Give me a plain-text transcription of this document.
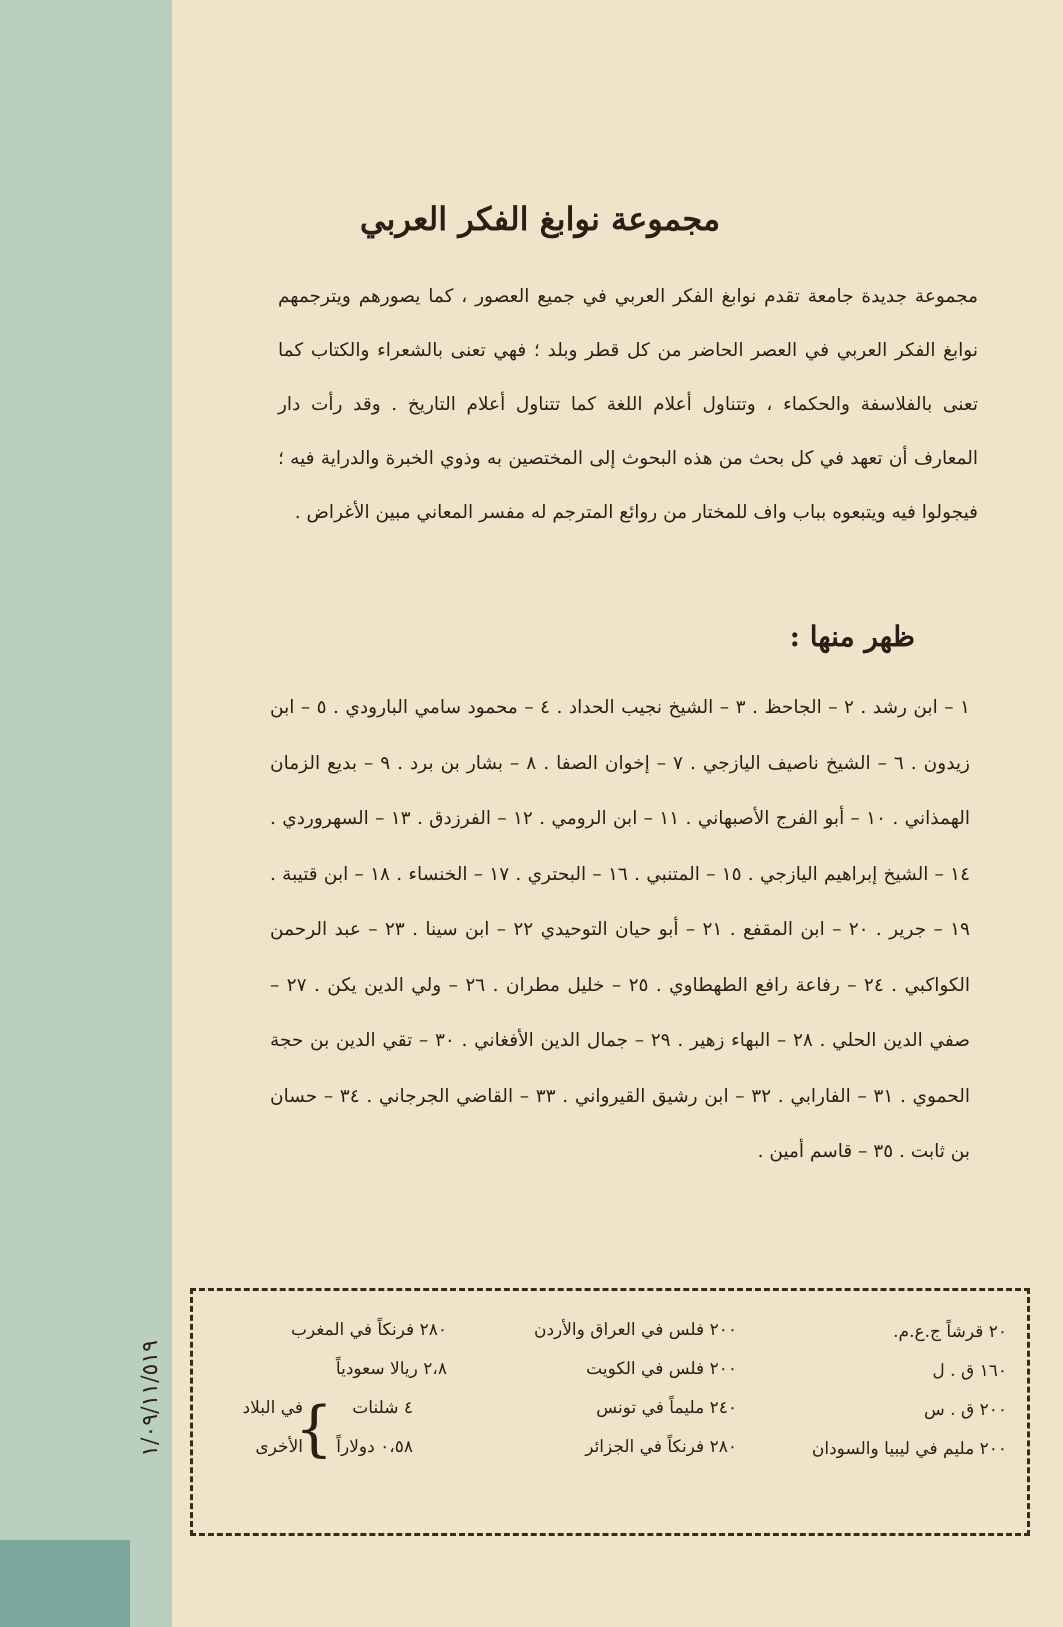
مجموعة نوابغ الفكر العربي
مجموعة جديدة جامعة تقدم نوابغ الفكر العربي في جميع العصور ، كما يصورهم ويترجمهم نوابغ الفكر العربي في العصر الحاضر من كل قطر وبلد ؛ فهي تعنى بالشعراء والكتاب كما تعنى بالفلاسفة والحكماء ، وتتناول أعلام اللغة كما تتناول أعلام التاريخ . وقد رأت دار المعارف أن تعهد في كل بحث من هذه البحوث إلى المختصين به وذوي الخبرة والدراية فيه ؛ فيجولوا فيه ويتبعوه بباب واف للمختار من روائع المترجم له مفسر المعاني مبين الأغراض .
ظهر منها :
١ – ابن رشد . ٢ – الجاحظ . ٣ – الشيخ نجيب الحداد . ٤ – محمود سامي البارودي . ٥ – ابن زيدون . ٦ – الشيخ ناصيف اليازجي . ٧ – إخوان الصفا . ٨ – بشار بن برد . ٩ – بديع الزمان الهمذاني . ١٠ – أبو الفرج الأصبهاني . ١١ – ابن الرومي . ١٢ – الفرزدق . ١٣ – السهروردي . ١٤ – الشيخ إبراهيم اليازجي . ١٥ – المتنبي . ١٦ – البحتري . ١٧ – الخنساء . ١٨ – ابن قتيبة . ١٩ – جرير . ٢٠ – ابن المقفع . ٢١ – أبو حيان التوحيدي ٢٢ – ابن سينا . ٢٣ – عبد الرحمن الكواكبي . ٢٤ – رفاعة رافع الطهطاوي . ٢٥ – خليل مطران . ٢٦ – ولي الدين يكن . ٢٧ – صفي الدين الحلي . ٢٨ – البهاء زهير . ٢٩ – جمال الدين الأفغاني . ٣٠ – تقي الدين بن حجة الحموي . ٣١ – الفارابي . ٣٢ – ابن رشيق القيرواني . ٣٣ – القاضي الجرجاني . ٣٤ – حسان بن ثابت . ٣٥ – قاسم أمين .
٢٠ قرشاً ج.ع.م.
١٦٠ ق . ل
٢٠٠ ق . س
٢٠٠ مليم في ليبيا والسودان
٢٠٠ فلس في العراق والأردن
٢٠٠ فلس في الكويت
٢٤٠ مليماً في تونس
٢٨٠ فرنكاً في الجزائر
٢٨٠ فرنكاً في المغرب
٢،٨ ريالا سعودياً
٤ شلنات
٠،٥٨ دولاراً
}
في البلاد
الأخرى
١/٠٩/١١/٥١٩
